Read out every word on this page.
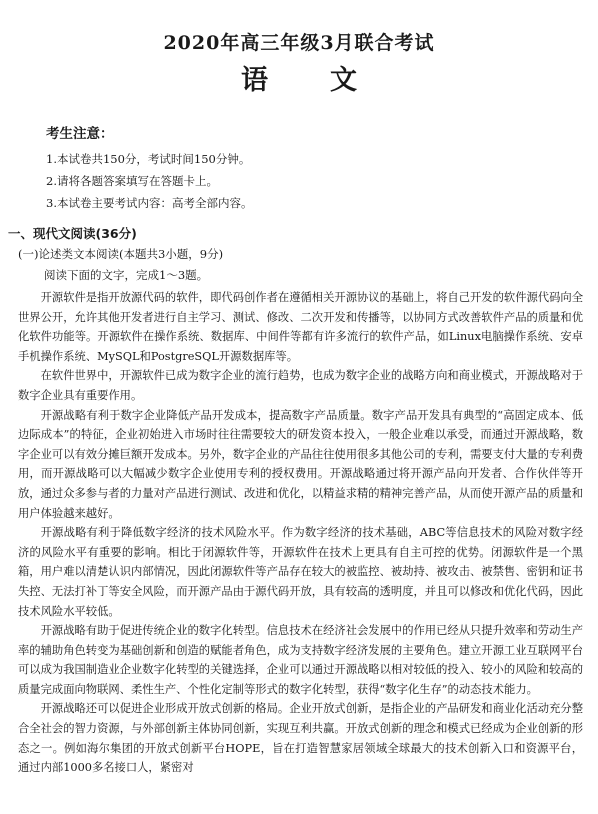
2020年高三年级3月联合考试
语文
考生注意：
1.本试卷共150分，考试时间150分钟。
2.请将各题答案填写在答题卡上。
3.本试卷主要考试内容：高考全部内容。
一、现代文阅读(36分)
(一)论述类文本阅读(本题共3小题，9分)
阅读下面的文字，完成1～3题。

开源软件是指开放源代码的软件，即代码创作者在遵循相关开源协议的基础上，将自己开发的软件源代码向全世界公开，允许其他开发者进行自主学习、测试、修改、二次开发和传播等，以协同方式改善软件产品的质量和优化软件功能等。开源软件在操作系统、数据库、中间件等都有许多流行的软件产品，如Linux电脑操作系统、安卓手机操作系统、MySQL和PostgreSQL开源数据库等。

在软件世界中，开源软件已成为数字企业的流行趋势，也成为数字企业的战略方向和商业模式，开源战略对于数字企业具有重要作用。

开源战略有利于数字企业降低产品开发成本，提高数字产品质量。数字产品开发具有典型的“高固定成本、低边际成本”的特征，企业初始进入市场时往往需要较大的研发资本投入，一般企业难以承受，而通过开源战略，数字企业可以有效分摊巨额开发成本。另外，数字企业的产品往往使用很多其他公司的专利，需要支付大量的专利费用，而开源战略可以大幅减少数字企业使用专利的授权费用。开源战略通过将开源产品向开发者、合作伙伴等开放，通过众多参与者的力量对产品进行测试、改进和优化，以精益求精的精神完善产品，从而使开源产品的质量和用户体验越来越好。

开源战略有利于降低数字经济的技术风险水平。作为数字经济的技术基础，ABC等信息技术的风险对数字经济的风险水平有重要的影响。相比于闭源软件等，开源软件在技术上更具有自主可控的优势。闭源软件是一个黑箱，用户难以清楚认识内部情况，因此闭源软件等产品存在较大的被监控、被劫持、被攻击、被禁售、密钥和证书失控、无法打补丁等安全风险，而开源产品由于源代码开放，具有较高的透明度，并且可以修改和优化代码，因此技术风险水平较低。

开源战略有助于促进传统企业的数字化转型。信息技术在经济社会发展中的作用已经从只提升效率和劳动生产率的辅助角色转变为基础创新和创造的赋能者角色，成为支持数字经济发展的主要角色。建立开源工业互联网平台可以成为我国制造业企业数字化转型的关键选择，企业可以通过开源战略以相对较低的投入、较小的风险和较高的质量完成面向物联网、柔性生产、个性化定制等形式的数字化转型，获得“数字化生存”的动态技术能力。

开源战略还可以促进企业形成开放式创新的格局。企业开放式创新，是指企业的产品研发和商业化活动充分整合全社会的智力资源，与外部创新主体协同创新，实现互利共赢。开放式创新的理念和模式已经成为企业创新的形态之一。例如海尔集团的开放式创新平台HOPE，旨在打造智慧家居领域全球最大的技术创新入口和资源平台，通过内部1000多名接口人，紧密对
